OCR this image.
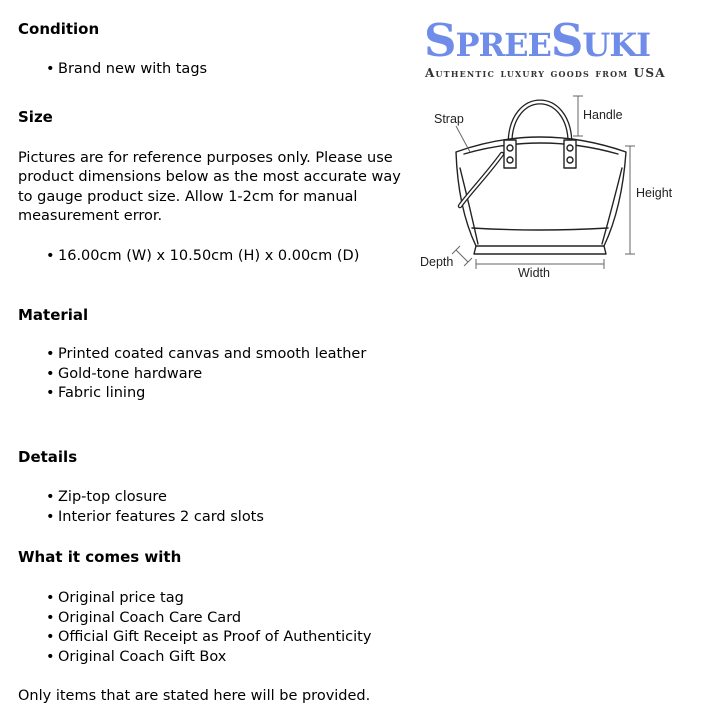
SpreeSuki
Authentic luxury goods from USA
Strap	Handle
Height
Depth
Width
Condition
• Brand new with tags
Size

Pictures are for reference purposes only. Please use product dimensions below as the most accurate way to gauge product size. Allow 1-2cm for manual measurement error.

• 16.00cm (W) x 10.50cm (H) x 0.00cm (D)
Material
• Printed coated canvas and smooth leather
• Gold-tone hardware
• Fabric lining
Details
• Zip-top closure
• Interior features 2 card slots
What it comes with
• Original price tag
• Original Coach Care Card
• Official Gift Receipt as Proof of Authenticity
• Original Coach Gift Box

Only items that are stated here will be provided.
